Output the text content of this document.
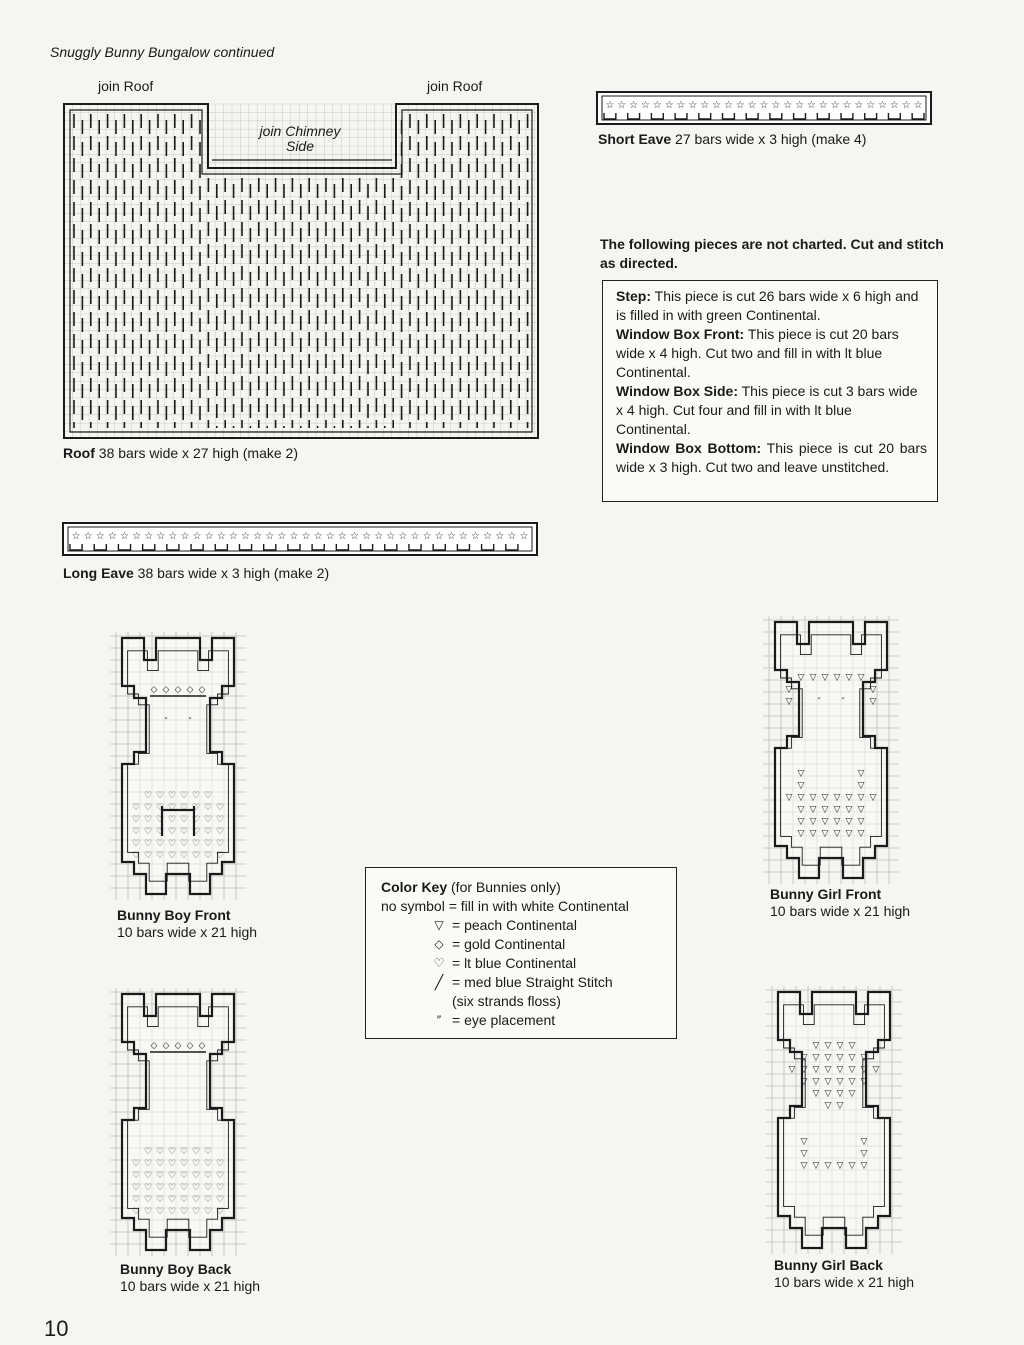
Snuggly Bunny Bungalow continued
join Roof	join Roof
join Chimney Side
Roof 38 bars wide x 27 high (make 2)
☆ ☆ ☆ ☆ ☆ ☆ ☆ ☆ ☆ ☆ ☆ ☆ ☆ ☆ ☆ ☆ ☆ ☆ ☆ ☆ ☆ ☆ ☆ ☆ ☆ ☆ ☆ ☆ ☆ ☆ ☆ ☆ ☆ ☆ ☆ ☆ ☆ ☆
Long Eave 38 bars wide x 3 high (make 2)
☆ ☆ ☆ ☆ ☆ ☆ ☆ ☆ ☆ ☆ ☆ ☆ ☆ ☆ ☆ ☆ ☆ ☆ ☆ ☆ ☆ ☆ ☆ ☆ ☆ ☆ ☆
Short Eave 27 bars wide x 3 high (make 4)
The following pieces are not charted. Cut and stitch as directed.

Step: This piece is cut 26 bars wide x 6 high and is filled in with green Continental.

Window Box Front: This piece is cut 20 bars wide x 4 high. Cut two and fill in with lt blue Continental.

Window Box Side: This piece is cut 3 bars wide x 4 high. Cut four and fill in with lt blue Continental.

Window Box Bottom: This piece is cut 20 bars wide x 3 high. Cut two and leave unstitched.

Color Key (for Bunnies only)
no symbol = fill in with white Continental
▽ = peach Continental
◇ = gold Continental
♡ = lt blue Continental
╱ = med blue Straight Stitch
(six strands floss)
″ = eye placement
◇ ◇ ◇ ◇ ◇
″ ″
♡ ♡ ♡ ♡ ♡ ♡
♡ ♡ ♡ ♡ ♡ ♡ ♡ ♡
♡ ♡ ♡ ♡ ♡ ♡ ♡ ♡
♡ ♡ ♡ ♡ ♡ ♡ ♡ ♡
♡ ♡ ♡ ♡ ♡ ♡ ♡ ♡
♡ ♡ ♡ ♡ ♡ ♡ ♡ ♡
Bunny Boy Front
10 bars wide x 21 high
◇ ◇ ◇ ◇ ◇
♡ ♡ ♡ ♡ ♡ ♡
♡ ♡ ♡ ♡ ♡ ♡ ♡ ♡
♡ ♡ ♡ ♡ ♡ ♡ ♡ ♡
♡ ♡ ♡ ♡ ♡ ♡ ♡ ♡
♡ ♡ ♡ ♡ ♡ ♡ ♡ ♡
♡ ♡ ♡ ♡ ♡ ♡ ♡ ♡
Bunny Boy Back
10 bars wide x 21 high
▽ ▽ ▽ ▽ ▽ ▽
▽	▽
″ ″
▽	▽
▽	▽
▽	▽
▽ ▽ ▽ ▽ ▽ ▽ ▽ ▽
▽ ▽ ▽ ▽ ▽ ▽
▽ ▽ ▽ ▽ ▽ ▽
▽ ▽ ▽ ▽ ▽ ▽
Bunny Girl Front
10 bars wide x 21 high
▽ ▽ ▽ ▽
▽ ▽ ▽ ▽ ▽ ▽
▽ ▽ ▽ ▽ ▽ ▽ ▽ ▽
▽ ▽ ▽ ▽ ▽ ▽
▽ ▽ ▽ ▽
▽ ▽
▽	▽
▽	▽
▽ ▽ ▽ ▽ ▽ ▽
Bunny Girl Back
10 bars wide x 21 high
10
